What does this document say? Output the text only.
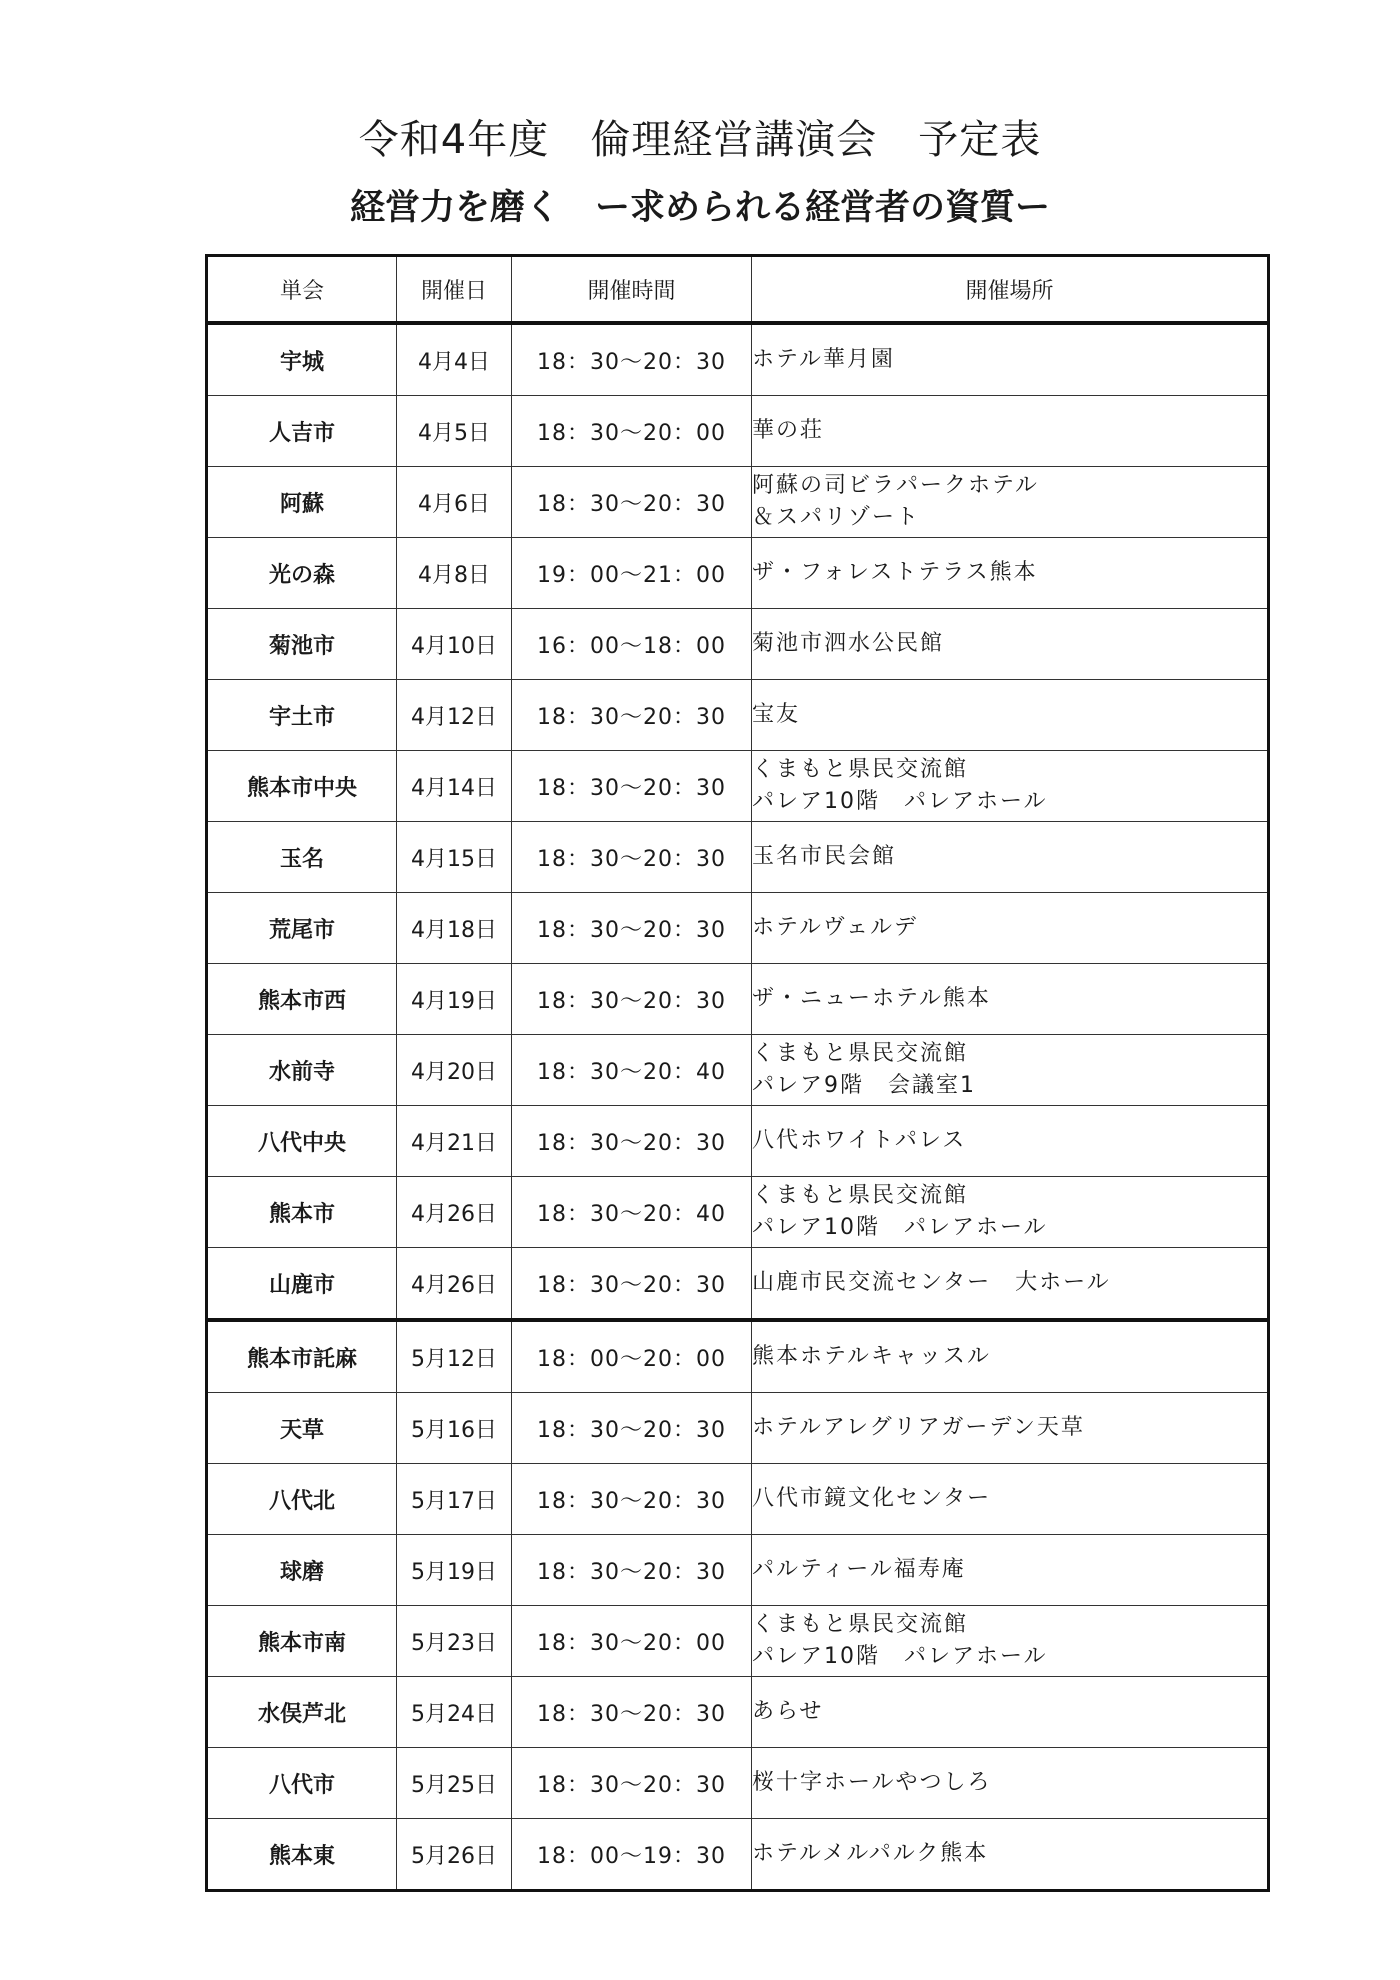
令和4年度　倫理経営講演会　予定表
経営力を磨く　ー求められる経営者の資質ー
単会	開催日	開催時間	開催場所
宇城	4月4日	18：30～20：30	ホテル華月園

人吉市	4月5日	18：30～20：00	華の荘

阿蘇	4月6日	18：30～20：30	阿蘇の司ビラパークホテル
＆スパリゾート

光の森	4月8日	19：00～21：00	ザ・フォレストテラス熊本

菊池市	4月10日	16：00～18：00	菊池市泗水公民館

宇土市	4月12日	18：30～20：30	宝友

熊本市中央	4月14日	18：30～20：30	くまもと県民交流館
パレア10階　パレアホール

玉名	4月15日	18：30～20：30	玉名市民会館

荒尾市	4月18日	18：30～20：30	ホテルヴェルデ

熊本市西	4月19日	18：30～20：30	ザ・ニューホテル熊本

水前寺	4月20日	18：30～20：40	くまもと県民交流館
パレア9階　会議室1

八代中央	4月21日	18：30～20：30	八代ホワイトパレス

熊本市	4月26日	18：30～20：40	くまもと県民交流館
パレア10階　パレアホール

山鹿市	4月26日	18：30～20：30	山鹿市民交流センター　大ホール

熊本市託麻	5月12日	18：00～20：00	熊本ホテルキャッスル

天草	5月16日	18：30～20：30	ホテルアレグリアガーデン天草

八代北	5月17日	18：30～20：30	八代市鏡文化センター

球磨	5月19日	18：30～20：30	パルティール福寿庵

熊本市南	5月23日	18：30～20：00	くまもと県民交流館
パレア10階　パレアホール

水俣芦北	5月24日	18：30～20：30	あらせ

八代市	5月25日	18：30～20：30	桜十字ホールやつしろ

熊本東	5月26日	18：00～19：30	ホテルメルパルク熊本
